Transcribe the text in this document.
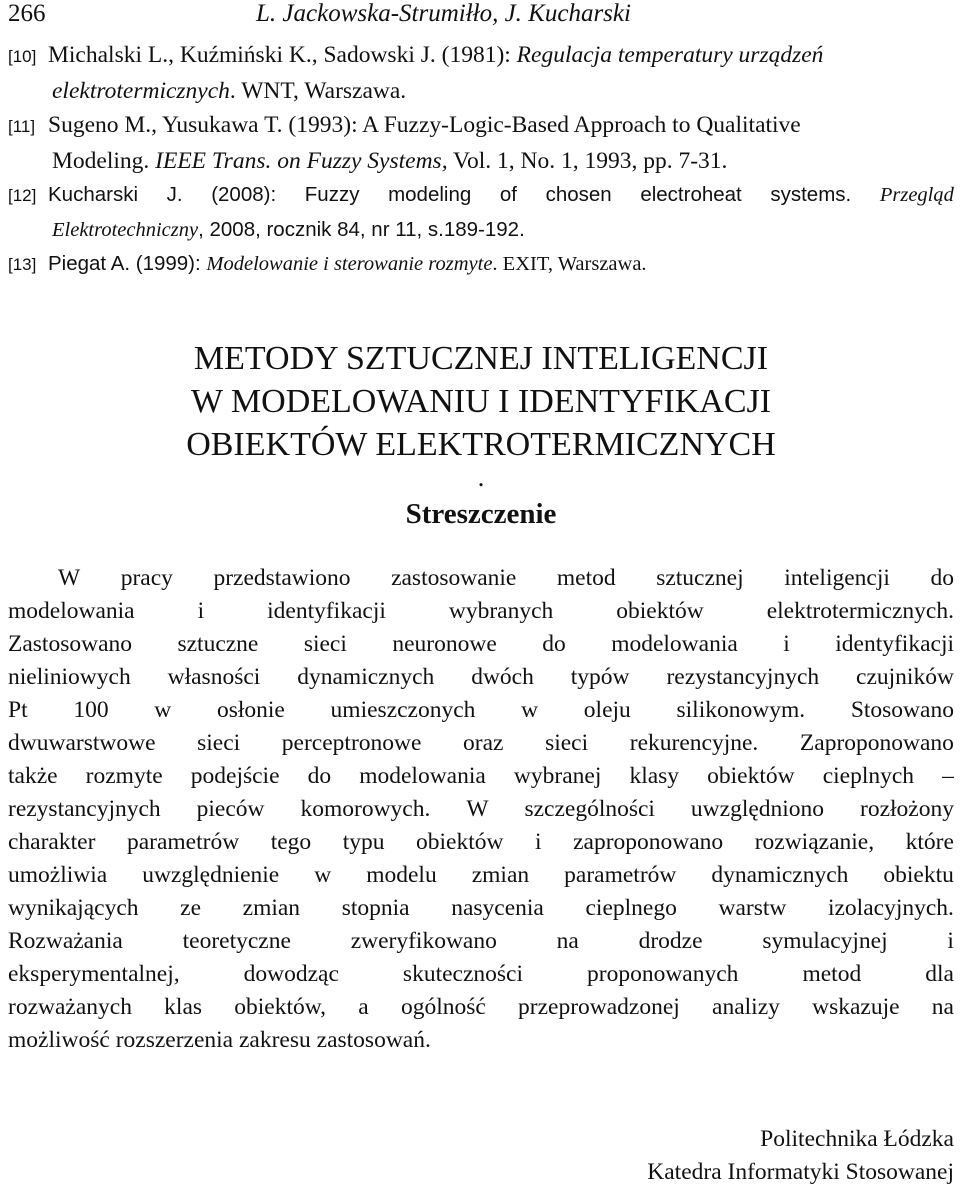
266	L. Jackowska-Strumiłło, J. Kucharski
[10] Michalski L., Kuźmiński K., Sadowski J. (1981): Regulacja temperatury urządzeń
elektrotermicznych. WNT, Warszawa.
[11] Sugeno M., Yusukawa T. (1993): A Fuzzy-Logic-Based Approach to Qualitative
Modeling. IEEE Trans. on Fuzzy Systems, Vol. 1, No. 1, 1993, pp. 7-31.
[12] Kucharski J. (2008): Fuzzy modeling of chosen electroheat systems. Przegląd
Elektrotechniczny, 2008, rocznik 84, nr 11, s.189-192.
[13] Piegat A. (1999): Modelowanie i sterowanie rozmyte. EXIT, Warszawa.
METODY SZTUCZNEJ INTELIGENCJI
W MODELOWANIU I IDENTYFIKACJI
OBIEKTÓW ELEKTROTERMICZNYCH
.
Streszczenie
W pracy przedstawiono zastosowanie metod sztucznej inteligencji do
modelowania	i	identyfikacji	wybranych	obiektów	elektrotermicznych.
Zastosowano sztuczne sieci neuronowe do modelowania i identyfikacji
nieliniowych własności dynamicznych dwóch typów rezystancyjnych czujników
Pt 100 w osłonie umieszczonych w oleju silikonowym. Stosowano
dwuwarstwowe sieci perceptronowe oraz sieci rekurencyjne. Zaproponowano
także rozmyte podejście do modelowania wybranej klasy obiektów cieplnych –
rezystancyjnych pieców komorowych. W szczególności uwzględniono rozłożony
charakter parametrów tego typu obiektów i zaproponowano rozwiązanie, które
umożliwia uwzględnienie w modelu zmian parametrów dynamicznych obiektu
wynikających ze zmian stopnia nasycenia cieplnego warstw izolacyjnych.
Rozważania	teoretyczne	zweryfikowano	na	drodze	symulacyjnej	i
eksperymentalnej,	dowodząc	skuteczności	proponowanych	metod	dla
rozważanych klas obiektów, a ogólność przeprowadzonej analizy wskazuje na
możliwość rozszerzenia zakresu zastosowań.
Politechnika Łódzka
Katedra Informatyki Stosowanej
